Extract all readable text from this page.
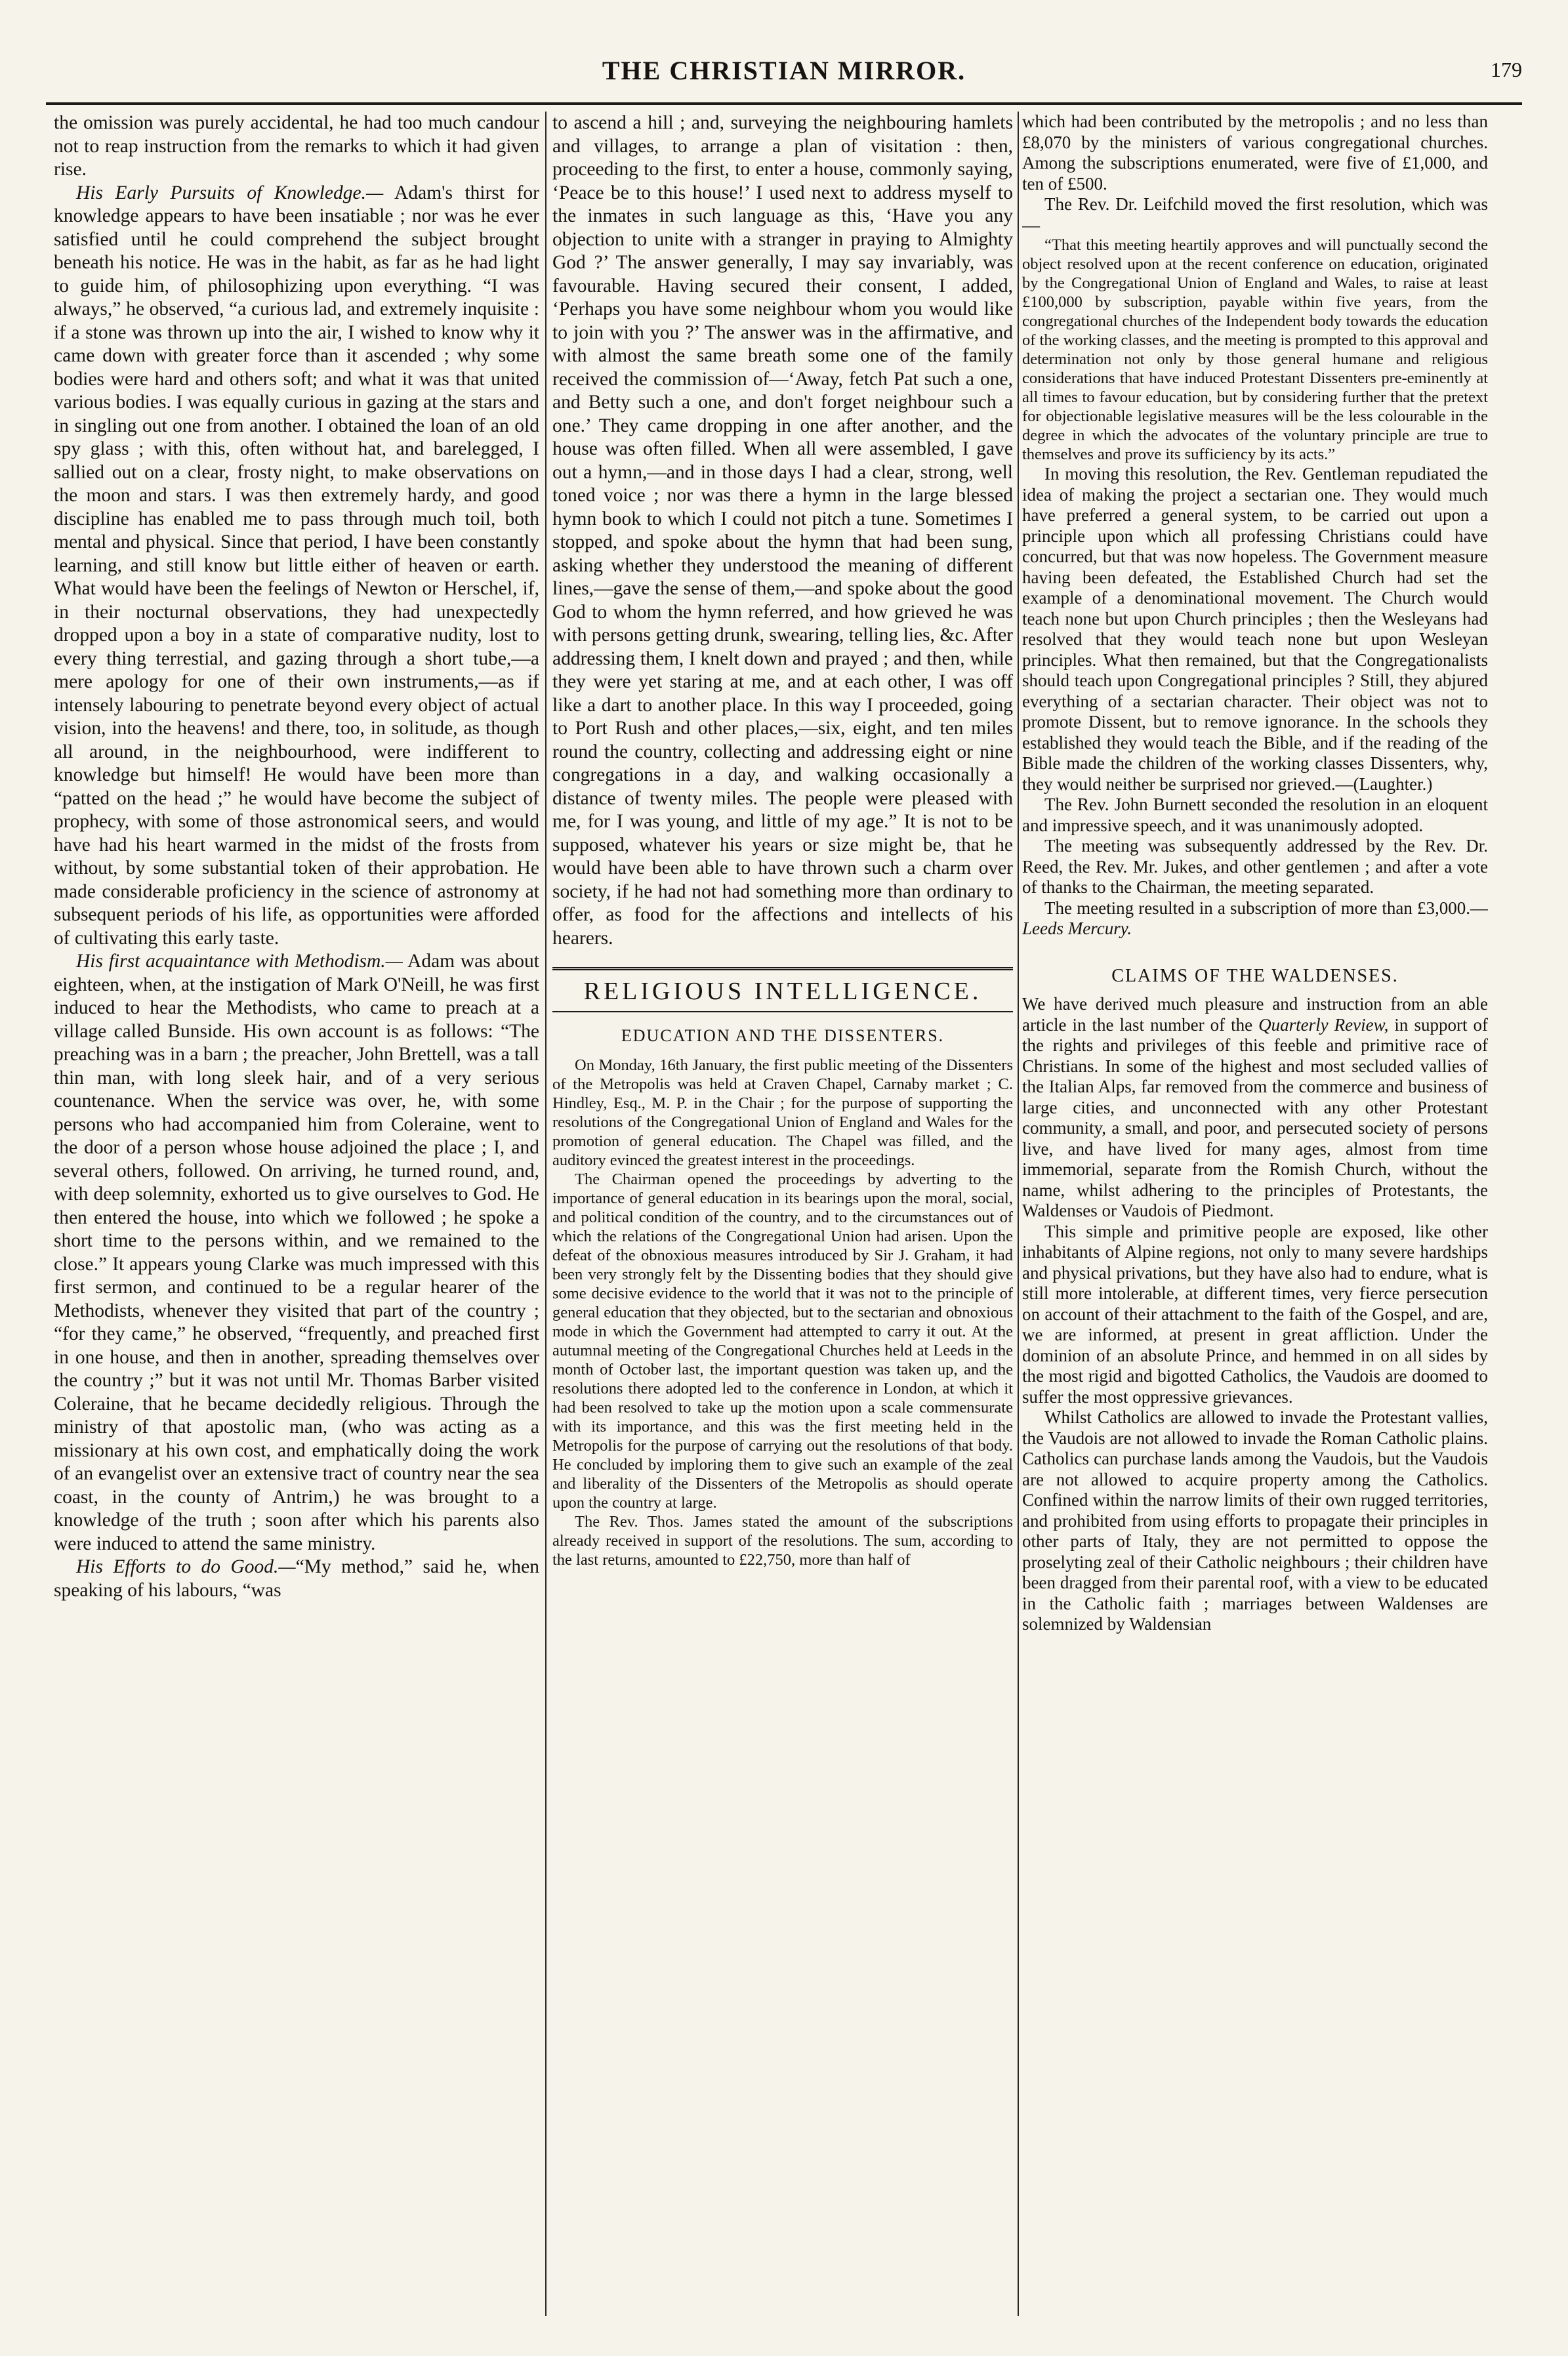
THE CHRISTIAN MIRROR.	179

the omission was purely accidental, he had too much candour not to reap instruction from the remarks to which it had given rise.

His Early Pursuits of Knowledge.— Adam's thirst for knowledge appears to have been insatiable ; nor was he ever satisfied until he could comprehend the subject brought beneath his notice. He was in the habit, as far as he had light to guide him, of philosophizing upon everything. “I was always,” he observed, “a curious lad, and extremely inquisite : if a stone was thrown up into the air, I wished to know why it came down with greater force than it ascended ; why some bodies were hard and others soft; and what it was that united various bodies. I was equally curious in gazing at the stars and in singling out one from another. I obtained the loan of an old spy glass ; with this, often without hat, and barelegged, I sallied out on a clear, frosty night, to make observations on the moon and stars. I was then extremely hardy, and good discipline has enabled me to pass through much toil, both mental and physical. Since that period, I have been constantly learning, and still know but little either of heaven or earth. What would have been the feelings of Newton or Herschel, if, in their nocturnal observations, they had unexpectedly dropped upon a boy in a state of comparative nudity, lost to every thing terrestial, and gazing through a short tube,—a mere apology for one of their own instruments,—as if intensely labouring to penetrate beyond every object of actual vision, into the heavens! and there, too, in solitude, as though all around, in the neighbourhood, were indifferent to knowledge but himself! He would have been more than “patted on the head ;” he would have become the subject of prophecy, with some of those astronomical seers, and would have had his heart warmed in the midst of the frosts from without, by some substantial token of their approbation. He made considerable proficiency in the science of astronomy at subsequent periods of his life, as opportunities were afforded of cultivating this early taste.

His first acquaintance with Methodism.— Adam was about eighteen, when, at the instigation of Mark O'Neill, he was first induced to hear the Methodists, who came to preach at a village called Bunside. His own account is as follows: “The preaching was in a barn ; the preacher, John Brettell, was a tall thin man, with long sleek hair, and of a very serious countenance. When the service was over, he, with some persons who had accompanied him from Coleraine, went to the door of a person whose house adjoined the place ; I, and several others, followed. On arriving, he turned round, and, with deep solemnity, exhorted us to give ourselves to God. He then entered the house, into which we followed ; he spoke a short time to the persons within, and we remained to the close.” It appears young Clarke was much impressed with this first sermon, and continued to be a regular hearer of the Methodists, whenever they visited that part of the country ; “for they came,” he observed, “frequently, and preached first in one house, and then in another, spreading themselves over the country ;” but it was not until Mr. Thomas Barber visited Coleraine, that he became decidedly religious. Through the ministry of that apostolic man, (who was acting as a missionary at his own cost, and emphatically doing the work of an evangelist over an extensive tract of country near the sea coast, in the county of Antrim,) he was brought to a knowledge of the truth ; soon after which his parents also were induced to attend the same ministry.

His Efforts to do Good.—“My method,” said he, when speaking of his labours, “was

to ascend a hill ; and, surveying the neighbouring hamlets and villages, to arrange a plan of visitation : then, proceeding to the first, to enter a house, commonly saying, ‘Peace be to this house!’ I used next to address myself to the inmates in such language as this, ‘Have you any objection to unite with a stranger in praying to Almighty God ?’ The answer generally, I may say invariably, was favourable. Having secured their consent, I added, ‘Perhaps you have some neighbour whom you would like to join with you ?’ The answer was in the affirmative, and with almost the same breath some one of the family received the commission of—‘Away, fetch Pat such a one, and Betty such a one, and don't forget neighbour such a one.’ They came dropping in one after another, and the house was often filled. When all were assembled, I gave out a hymn,—and in those days I had a clear, strong, well toned voice ; nor was there a hymn in the large blessed hymn book to which I could not pitch a tune. Sometimes I stopped, and spoke about the hymn that had been sung, asking whether they understood the meaning of different lines,—gave the sense of them,—and spoke about the good God to whom the hymn referred, and how grieved he was with persons getting drunk, swearing, telling lies, &c. After addressing them, I knelt down and prayed ; and then, while they were yet staring at me, and at each other, I was off like a dart to another place. In this way I proceeded, going to Port Rush and other places,—six, eight, and ten miles round the country, collecting and addressing eight or nine congregations in a day, and walking occasionally a distance of twenty miles. The people were pleased with me, for I was young, and little of my age.” It is not to be supposed, whatever his years or size might be, that he would have been able to have thrown such a charm over society, if he had not had something more than ordinary to offer, as food for the affections and intellects of his hearers.

RELIGIOUS INTELLIGENCE.
EDUCATION AND THE DISSENTERS.

On Monday, 16th January, the first public meeting of the Dissenters of the Metropolis was held at Craven Chapel, Carnaby market ; C. Hindley, Esq., M. P. in the Chair ; for the purpose of supporting the resolutions of the Congregational Union of England and Wales for the promotion of general education. The Chapel was filled, and the auditory evinced the greatest interest in the proceedings.

The Chairman opened the proceedings by adverting to the importance of general education in its bearings upon the moral, social, and political condition of the country, and to the circumstances out of which the relations of the Congregational Union had arisen. Upon the defeat of the obnoxious measures introduced by Sir J. Graham, it had been very strongly felt by the Dissenting bodies that they should give some decisive evidence to the world that it was not to the principle of general education that they objected, but to the sectarian and obnoxious mode in which the Government had attempted to carry it out. At the autumnal meeting of the Congregational Churches held at Leeds in the month of October last, the important question was taken up, and the resolutions there adopted led to the conference in London, at which it had been resolved to take up the motion upon a scale commensurate with its importance, and this was the first meeting held in the Metropolis for the purpose of carrying out the resolutions of that body. He concluded by imploring them to give such an example of the zeal and liberality of the Dissenters of the Metropolis as should operate upon the country at large.

The Rev. Thos. James stated the amount of the subscriptions already received in support of the resolutions. The sum, according to the last returns, amounted to £22,750, more than half of

which had been contributed by the metropolis ; and no less than £8,070 by the ministers of various congregational churches. Among the subscriptions enumerated, were five of £1,000, and ten of £500.

The Rev. Dr. Leifchild moved the first resolution, which was—

“That this meeting heartily approves and will punctually second the object resolved upon at the recent conference on education, originated by the Congregational Union of England and Wales, to raise at least £100,000 by subscription, payable within five years, from the congregational churches of the Independent body towards the education of the working classes, and the meeting is prompted to this approval and determination not only by those general humane and religious considerations that have induced Protestant Dissenters pre-eminently at all times to favour education, but by considering further that the pretext for objectionable legislative measures will be the less colourable in the degree in which the advocates of the voluntary principle are true to themselves and prove its sufficiency by its acts.”

In moving this resolution, the Rev. Gentleman repudiated the idea of making the project a sectarian one. They would much have preferred a general system, to be carried out upon a principle upon which all professing Christians could have concurred, but that was now hopeless. The Government measure having been defeated, the Established Church had set the example of a denominational movement. The Church would teach none but upon Church principles ; then the Wesleyans had resolved that they would teach none but upon Wesleyan principles. What then remained, but that the Congregationalists should teach upon Congregational principles ? Still, they abjured everything of a sectarian character. Their object was not to promote Dissent, but to remove ignorance. In the schools they established they would teach the Bible, and if the reading of the Bible made the children of the working classes Dissenters, why, they would neither be surprised nor grieved.—(Laughter.)

The Rev. John Burnett seconded the resolution in an eloquent and impressive speech, and it was unanimously adopted.

The meeting was subsequently addressed by the Rev. Dr. Reed, the Rev. Mr. Jukes, and other gentlemen ; and after a vote of thanks to the Chairman, the meeting separated.

The meeting resulted in a subscription of more than £3,000.—Leeds Mercury.

CLAIMS OF THE WALDENSES.

We have derived much pleasure and instruction from an able article in the last number of the Quarterly Review, in support of the rights and privileges of this feeble and primitive race of Christians. In some of the highest and most secluded vallies of the Italian Alps, far removed from the commerce and business of large cities, and unconnected with any other Protestant community, a small, and poor, and persecuted society of persons live, and have lived for many ages, almost from time immemorial, separate from the Romish Church, without the name, whilst adhering to the principles of Protestants, the Waldenses or Vaudois of Piedmont.

This simple and primitive people are exposed, like other inhabitants of Alpine regions, not only to many severe hardships and physical privations, but they have also had to endure, what is still more intolerable, at different times, very fierce persecution on account of their attachment to the faith of the Gospel, and are, we are informed, at present in great affliction. Under the dominion of an absolute Prince, and hemmed in on all sides by the most rigid and bigotted Catholics, the Vaudois are doomed to suffer the most oppressive grievances.

Whilst Catholics are allowed to invade the Protestant vallies, the Vaudois are not allowed to invade the Roman Catholic plains. Catholics can purchase lands among the Vaudois, but the Vaudois are not allowed to acquire property among the Catholics. Confined within the narrow limits of their own rugged territories, and prohibited from using efforts to propagate their principles in other parts of Italy, they are not permitted to oppose the proselyting zeal of their Catholic neighbours ; their children have been dragged from their parental roof, with a view to be educated in the Catholic faith ; marriages between Waldenses are solemnized by Waldensian
